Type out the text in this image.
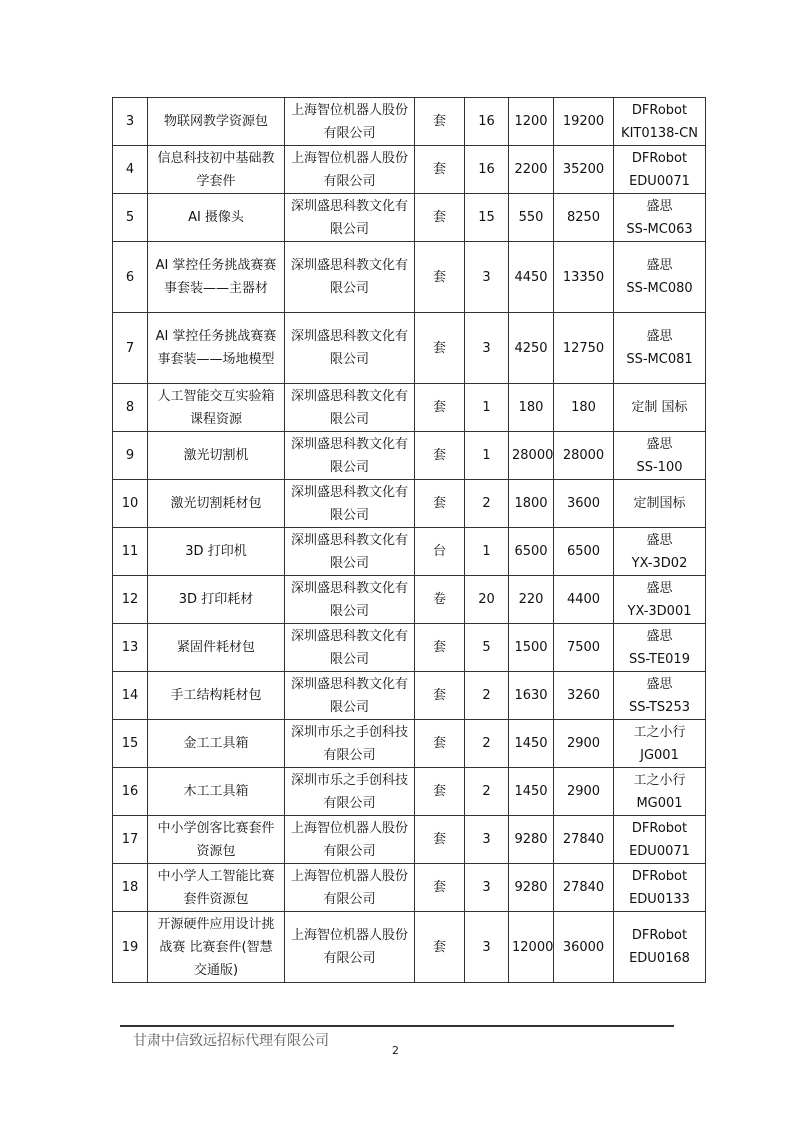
3	物联网教学资源包	上海智位机器人股份有限公司	套	16	1200	19200	DFRobot
KIT0138-CN

4	信息科技初中基础教学套件	上海智位机器人股份有限公司	套	16	2200	35200	DFRobot
EDU0071

5	AI 摄像头	深圳盛思科教文化有限公司	套	15	550	8250	盛思
SS-MC063

6	AI 掌控任务挑战赛赛事套装——主器材	深圳盛思科教文化有限公司	套	3	4450	13350	盛思
SS-MC080

7	AI 掌控任务挑战赛赛事套装——场地模型	深圳盛思科教文化有限公司	套	3	4250	12750	盛思
SS-MC081

8	人工智能交互实验箱课程资源	深圳盛思科教文化有限公司	套	1	180	180	定制 国标

9	激光切割机	深圳盛思科教文化有限公司	套	1	28000	28000	盛思
SS-100

10	激光切割耗材包	深圳盛思科教文化有限公司	套	2	1800	3600	定制国标

11	3D 打印机	深圳盛思科教文化有限公司	台	1	6500	6500	盛思
YX-3D02

12	3D 打印耗材	深圳盛思科教文化有限公司	卷	20	220	4400	盛思
YX-3D001

13	紧固件耗材包	深圳盛思科教文化有限公司	套	5	1500	7500	盛思
SS-TE019

14	手工结构耗材包	深圳盛思科教文化有限公司	套	2	1630	3260	盛思
SS-TS253

15	金工工具箱	深圳市乐之手创科技有限公司	套	2	1450	2900	工之小行
JG001

16	木工工具箱	深圳市乐之手创科技有限公司	套	2	1450	2900	工之小行
MG001

17	中小学创客比赛套件资源包	上海智位机器人股份有限公司	套	3	9280	27840	DFRobot
EDU0071

18	中小学人工智能比赛套件资源包	上海智位机器人股份有限公司	套	3	9280	27840	DFRobot
EDU0133

19	开源硬件应用设计挑战赛 比赛套件(智慧交通版)	上海智位机器人股份有限公司	套	3	12000	36000	DFRobot
EDU0168
甘肃中信致远招标代理有限公司
2
